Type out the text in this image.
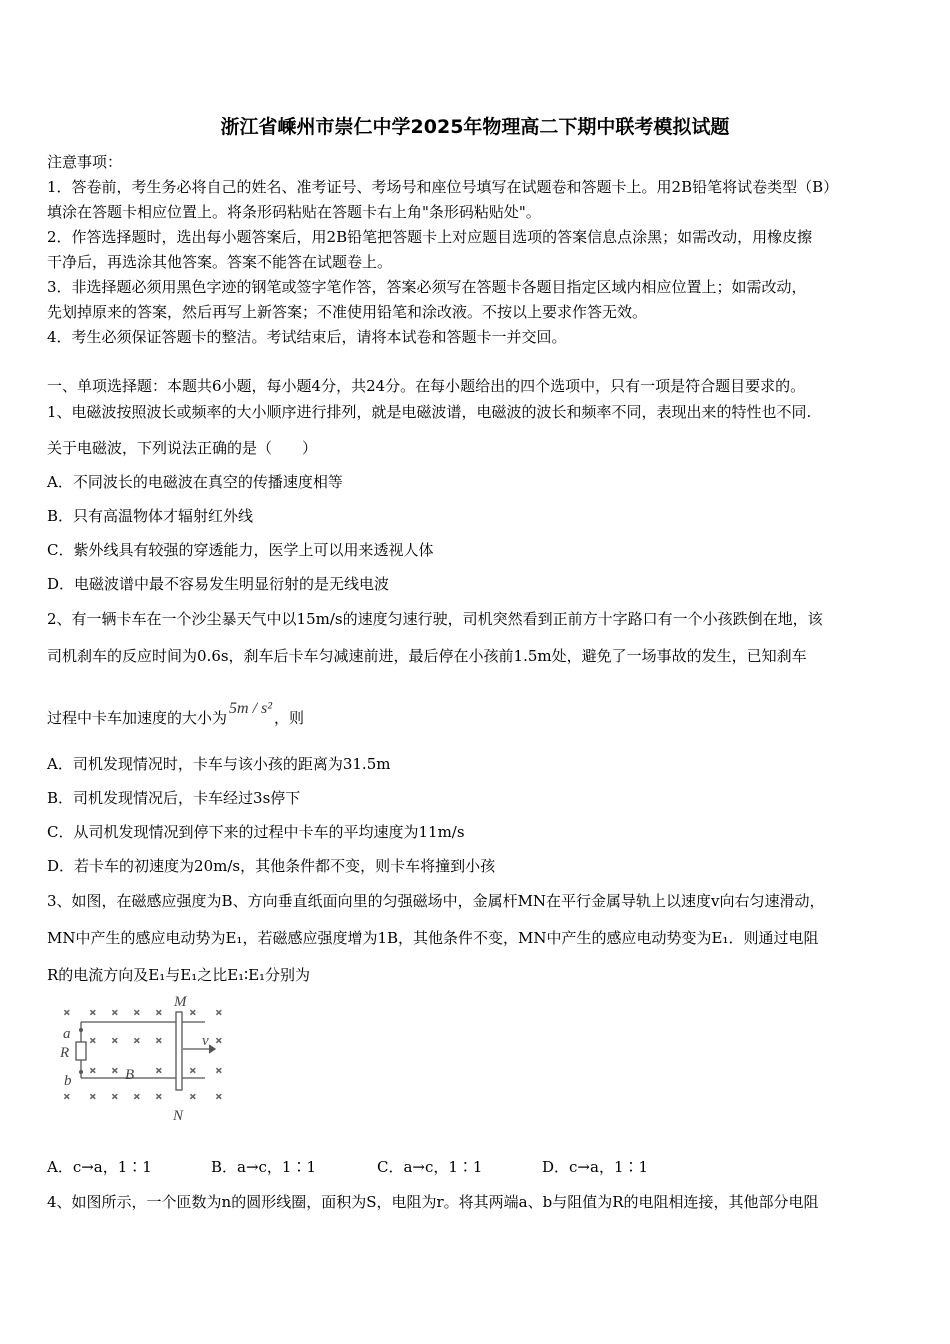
浙江省嵊州市崇仁中学2025年物理高二下期中联考模拟试题
注意事项：
1．答卷前，考生务必将自己的姓名、准考证号、考场号和座位号填写在试题卷和答题卡上。用2B铅笔将试卷类型（B）
填涂在答题卡相应位置上。将条形码粘贴在答题卡右上角"条形码粘贴处"。
2．作答选择题时，选出每小题答案后，用2B铅笔把答题卡上对应题目选项的答案信息点涂黑；如需改动，用橡皮擦
干净后，再选涂其他答案。答案不能答在试题卷上。
3．非选择题必须用黑色字迹的钢笔或签字笔作答，答案必须写在答题卡各题目指定区域内相应位置上；如需改动，
先划掉原来的答案，然后再写上新答案；不准使用铅笔和涂改液。不按以上要求作答无效。
4．考生必须保证答题卡的整洁。考试结束后，请将本试卷和答题卡一并交回。
一、单项选择题：本题共6小题，每小题4分，共24分。在每小题给出的四个选项中，只有一项是符合题目要求的。
1、电磁波按照波长或频率的大小顺序进行排列，就是电磁波谱，电磁波的波长和频率不同，表现出来的特性也不同.
关于电磁波，下列说法正确的是（　　）
A．不同波长的电磁波在真空的传播速度相等
B．只有高温物体才辐射红外线
C．紫外线具有较强的穿透能力，医学上可以用来透视人体
D．电磁波谱中最不容易发生明显衍射的是无线电波
2、有一辆卡车在一个沙尘暴天气中以15m/s的速度匀速行驶，司机突然看到正前方十字路口有一个小孩跌倒在地，该
司机刹车的反应时间为0.6s，刹车后卡车匀减速前进，最后停在小孩前1.5m处，避免了一场事故的发生，已知刹车
过程中卡车加速度的大小为5m / s²，则
A．司机发现情况时，卡车与该小孩的距离为31.5m
B．司机发现情况后，卡车经过3s停下
C．从司机发现情况到停下来的过程中卡车的平均速度为11m/s
D．若卡车的初速度为20m/s，其他条件都不变，则卡车将撞到小孩
3、如图，在磁感应强度为B、方向垂直纸面向里的匀强磁场中，金属杆MN在平行金属导轨上以速度v向右匀速滑动，
MN中产生的感应电动势为E₁，若磁感应强度增为1B，其他条件不变，MN中产生的感应电动势变为E₁．则通过电阻
R的电流方向及E₁与E₁之比E₁∶E₁分别为
× × × × × × ×
× × × ×	×
× ×	× × ×
× × × × × × ×
M
N
a
R
b	B
v
A．c→a，1∶1	B．a→c，1∶1	C．a→c，1∶1	D．c→a，1∶1
4、如图所示，一个匝数为n的圆形线圈，面积为S，电阻为r。将其两端a、b与阻值为R的电阻相连接，其他部分电阻
